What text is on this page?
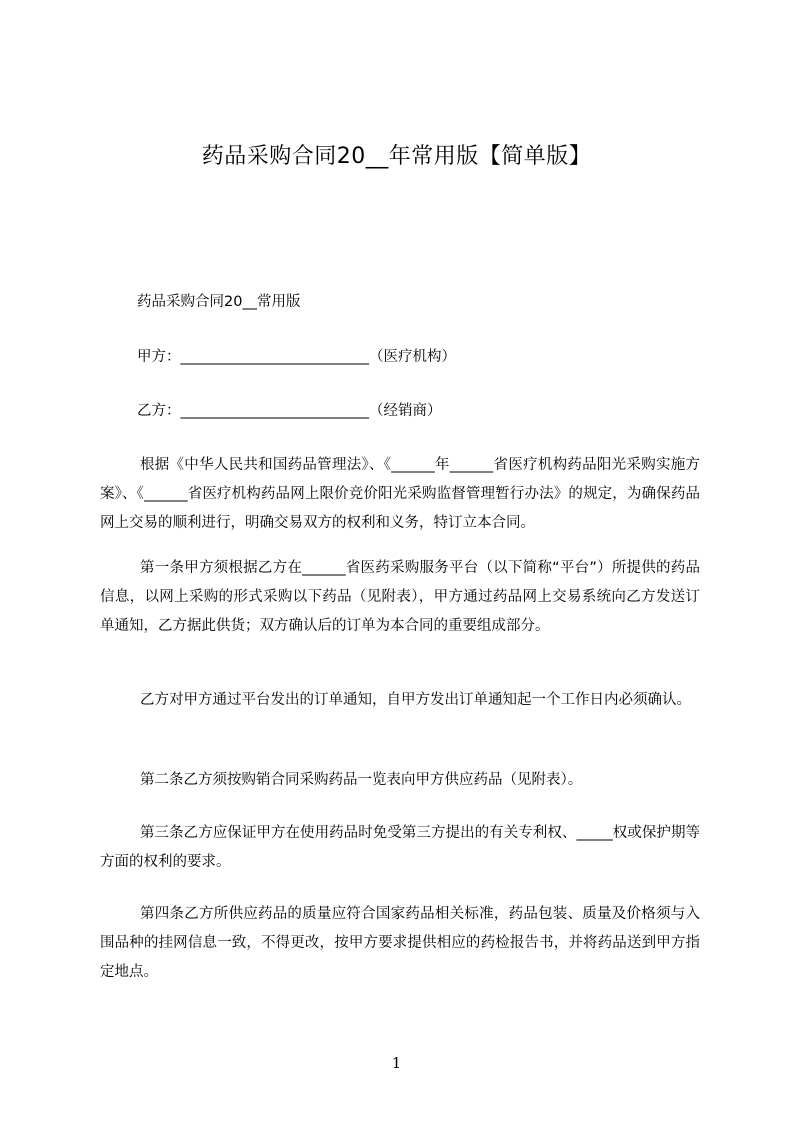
药品采购合同20__年常用版【简单版】
药品采购合同20__常用版
甲方：__________________________（医疗机构）
乙方：__________________________（经销商）
根据《中华人民共和国药品管理法》、《______年______省医疗机构药品阳光采购实施方案》、《______省医疗机构药品网上限价竞价阳光采购监督管理暂行办法》的规定，为确保药品网上交易的顺利进行，明确交易双方的权利和义务，特订立本合同。
第一条甲方须根据乙方在______省医药采购服务平台（以下简称“平台”）所提供的药品信息，以网上采购的形式采购以下药品（见附表），甲方通过药品网上交易系统向乙方发送订单通知，乙方据此供货；双方确认后的订单为本合同的重要组成部分。
乙方对甲方通过平台发出的订单通知，自甲方发出订单通知起一个工作日内必须确认。
第二条乙方须按购销合同采购药品一览表向甲方供应药品（见附表）。
第三条乙方应保证甲方在使用药品时免受第三方提出的有关专利权、_____权或保护期等方面的权利的要求。
第四条乙方所供应药品的质量应符合国家药品相关标准，药品包装、质量及价格须与入围品种的挂网信息一致，不得更改，按甲方要求提供相应的药检报告书，并将药品送到甲方指定地点。
1
